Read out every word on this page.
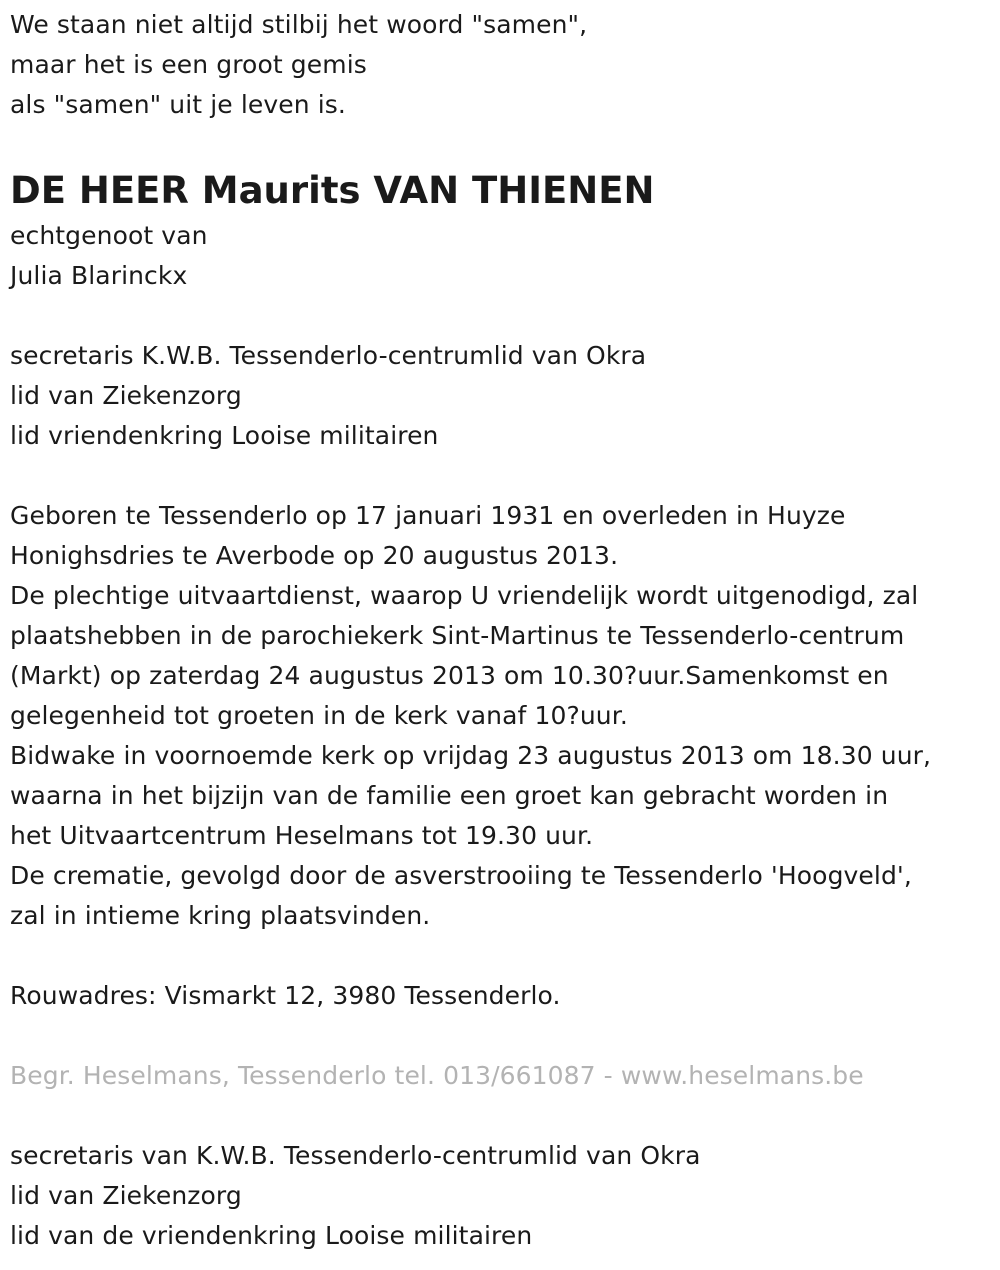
We staan niet altijd stilbij het woord "samen",
maar het is een groot gemis
als "samen" uit je leven is.
DE HEER Maurits VAN THIENEN
echtgenoot van
Julia Blarinckx
secretaris K.W.B. Tessenderlo-centrumlid van Okra
lid van Ziekenzorg
lid vriendenkring Looise militairen
Geboren te Tessenderlo op 17 januari 1931 en overleden in Huyze
Honighsdries te Averbode op 20 augustus 2013.
De plechtige uitvaartdienst, waarop U vriendelijk wordt uitgenodigd, zal
plaatshebben in de parochiekerk Sint-Martinus te Tessenderlo-centrum
(Markt) op zaterdag 24 augustus 2013 om 10.30?uur.Samenkomst en
gelegenheid tot groeten in de kerk vanaf 10?uur.
Bidwake in voornoemde kerk op vrijdag 23 augustus 2013 om 18.30 uur,
waarna in het bijzijn van de familie een groet kan gebracht worden in
het Uitvaartcentrum Heselmans tot 19.30 uur.
De crematie, gevolgd door de asverstrooiing te Tessenderlo 'Hoogveld',
zal in intieme kring plaatsvinden.
Rouwadres: Vismarkt 12, 3980 Tessenderlo.
Begr. Heselmans, Tessenderlo tel. 013/661087 - www.heselmans.be
secretaris van K.W.B. Tessenderlo-centrumlid van Okra
lid van Ziekenzorg
lid van de vriendenkring Looise militairen
